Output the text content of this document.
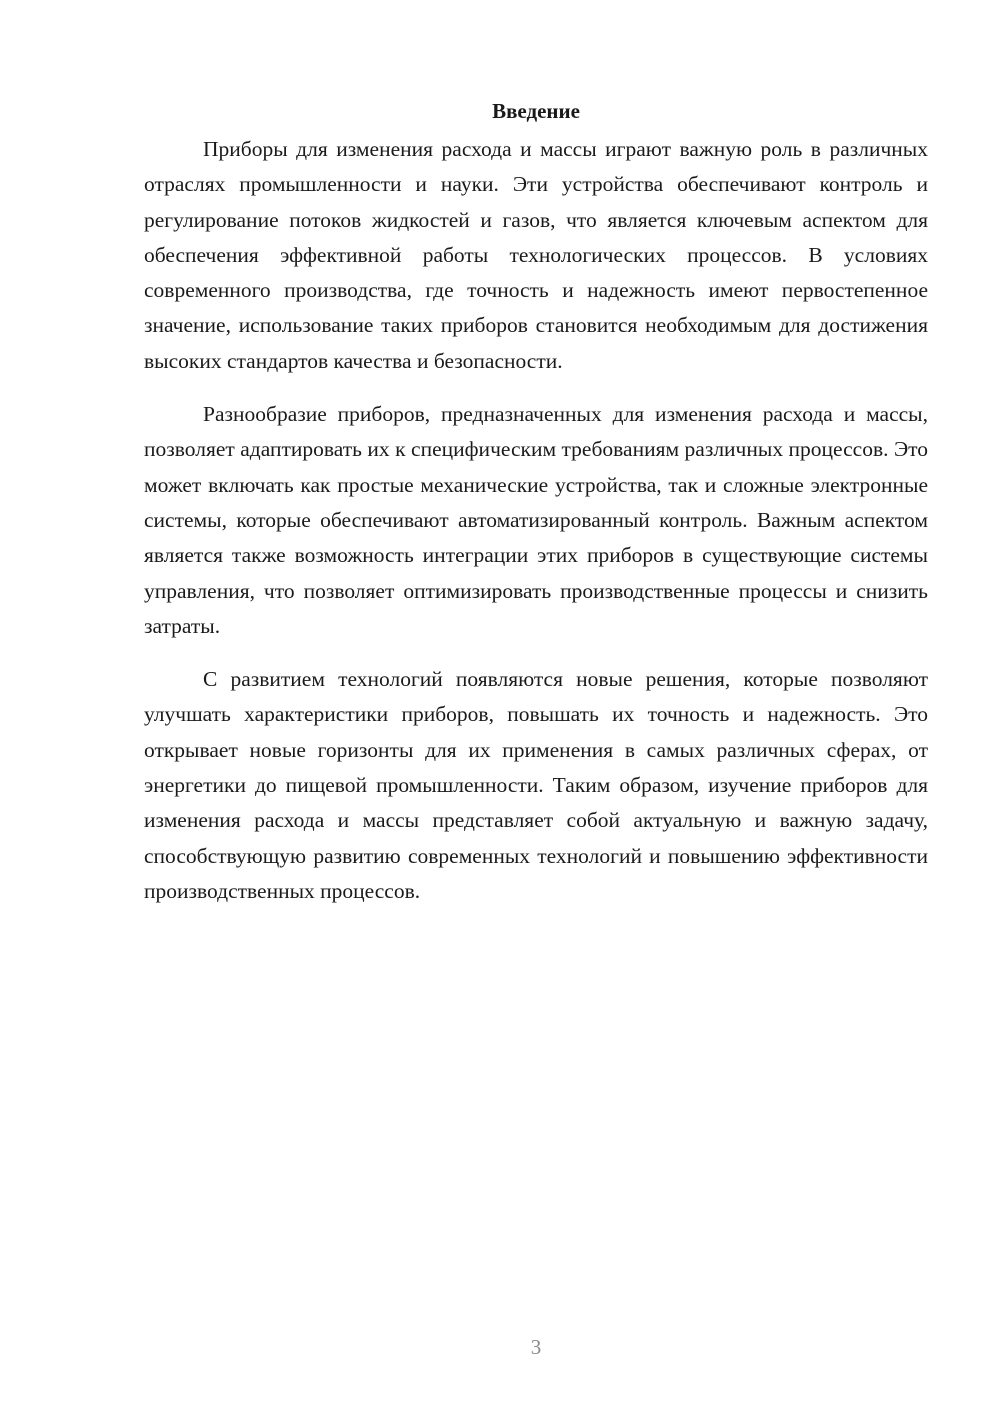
Введение

Приборы для изменения расхода и массы играют важную роль в различных отраслях промышленности и науки. Эти устройства обеспечивают контроль и регулирование потоков жидкостей и газов, что является ключевым аспектом для обеспечения эффективной работы технологических процессов. В условиях современного производства, где точность и надежность имеют первостепенное значение, использование таких приборов становится необходимым для достижения высоких стандартов качества и безопасности.

Разнообразие приборов, предназначенных для изменения расхода и массы, позволяет адаптировать их к специфическим требованиям различных процессов. Это может включать как простые механические устройства, так и сложные электронные системы, которые обеспечивают автоматизированный контроль. Важным аспектом является также возможность интеграции этих приборов в существующие системы управления, что позволяет оптимизировать производственные процессы и снизить затраты.

С развитием технологий появляются новые решения, которые позволяют улучшать характеристики приборов, повышать их точность и надежность. Это открывает новые горизонты для их применения в самых различных сферах, от энергетики до пищевой промышленности. Таким образом, изучение приборов для изменения расхода и массы представляет собой актуальную и важную задачу, способствующую развитию современных технологий и повышению эффективности производственных процессов.

3
